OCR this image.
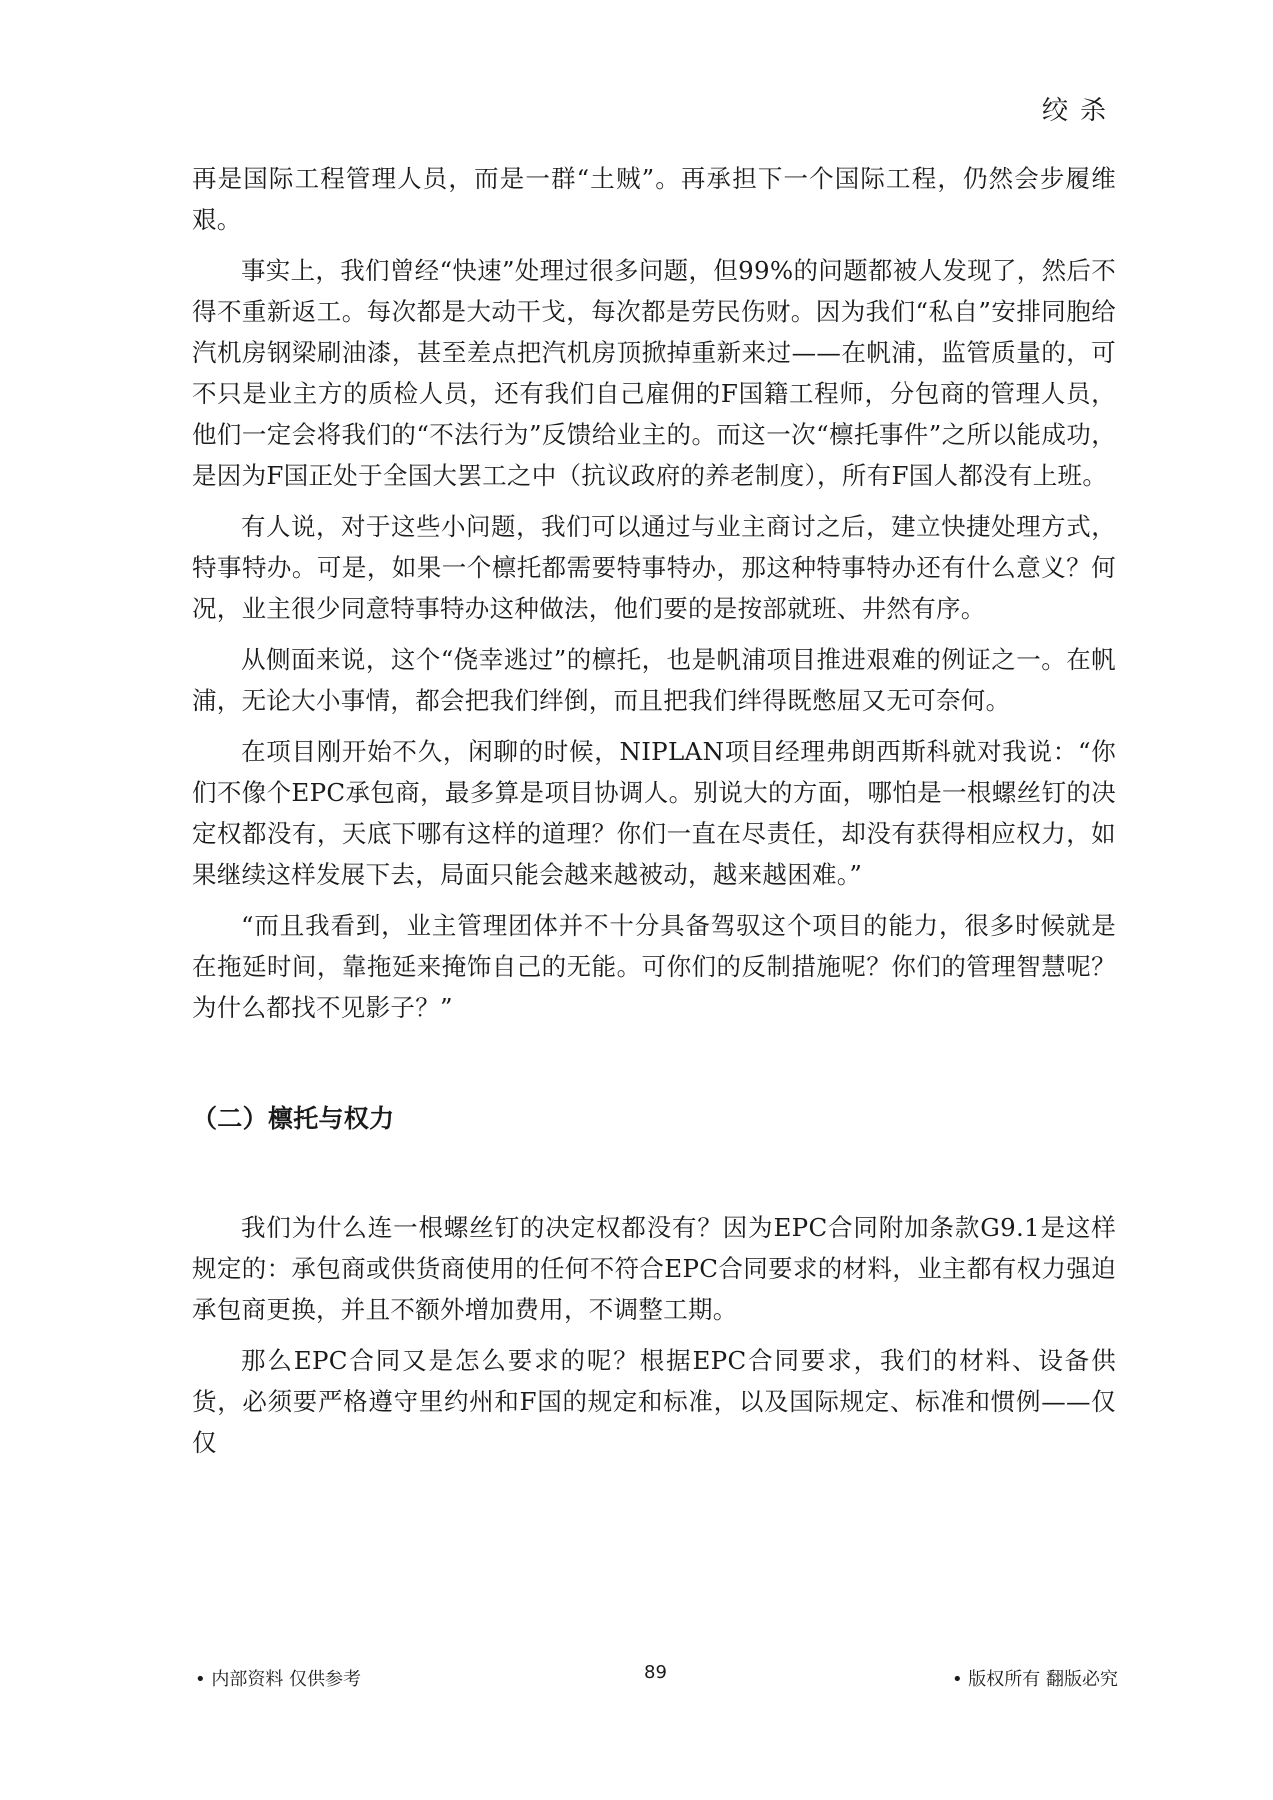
绞杀

再是国际工程管理人员，而是一群“土贼”。再承担下一个国际工程，仍然会步履维艰。

事实上，我们曾经“快速”处理过很多问题，但99%的问题都被人发现了，然后不得不重新返工。每次都是大动干戈，每次都是劳民伤财。因为我们“私自”安排同胞给汽机房钢梁刷油漆，甚至差点把汽机房顶掀掉重新来过——在帆浦，监管质量的，可不只是业主方的质检人员，还有我们自己雇佣的F国籍工程师，分包商的管理人员，他们一定会将我们的“不法行为”反馈给业主的。而这一次“檩托事件”之所以能成功，是因为F国正处于全国大罢工之中（抗议政府的养老制度），所有F国人都没有上班。

有人说，对于这些小问题，我们可以通过与业主商讨之后，建立快捷处理方式，特事特办。可是，如果一个檩托都需要特事特办，那这种特事特办还有什么意义？何况，业主很少同意特事特办这种做法，他们要的是按部就班、井然有序。

从侧面来说，这个“侥幸逃过”的檩托，也是帆浦项目推进艰难的例证之一。在帆浦，无论大小事情，都会把我们绊倒，而且把我们绊得既憋屈又无可奈何。

在项目刚开始不久，闲聊的时候，NIPLAN项目经理弗朗西斯科就对我说：“你们不像个EPC承包商，最多算是项目协调人。别说大的方面，哪怕是一根螺丝钉的决定权都没有，天底下哪有这样的道理？你们一直在尽责任，却没有获得相应权力，如果继续这样发展下去，局面只能会越来越被动，越来越困难。”

“而且我看到，业主管理团体并不十分具备驾驭这个项目的能力，很多时候就是在拖延时间，靠拖延来掩饰自己的无能。可你们的反制措施呢？你们的管理智慧呢？为什么都找不见影子？”

（二）檩托与权力

我们为什么连一根螺丝钉的决定权都没有？因为EPC合同附加条款G9.1是这样规定的：承包商或供货商使用的任何不符合EPC合同要求的材料，业主都有权力强迫承包商更换，并且不额外增加费用，不调整工期。

那么EPC合同又是怎么要求的呢？根据EPC合同要求，我们的材料、设备供货，必须要严格遵守里约州和F国的规定和标准，以及国际规定、标准和惯例——仅仅

• 内部资料 仅供参考	89	• 版权所有 翻版必究
